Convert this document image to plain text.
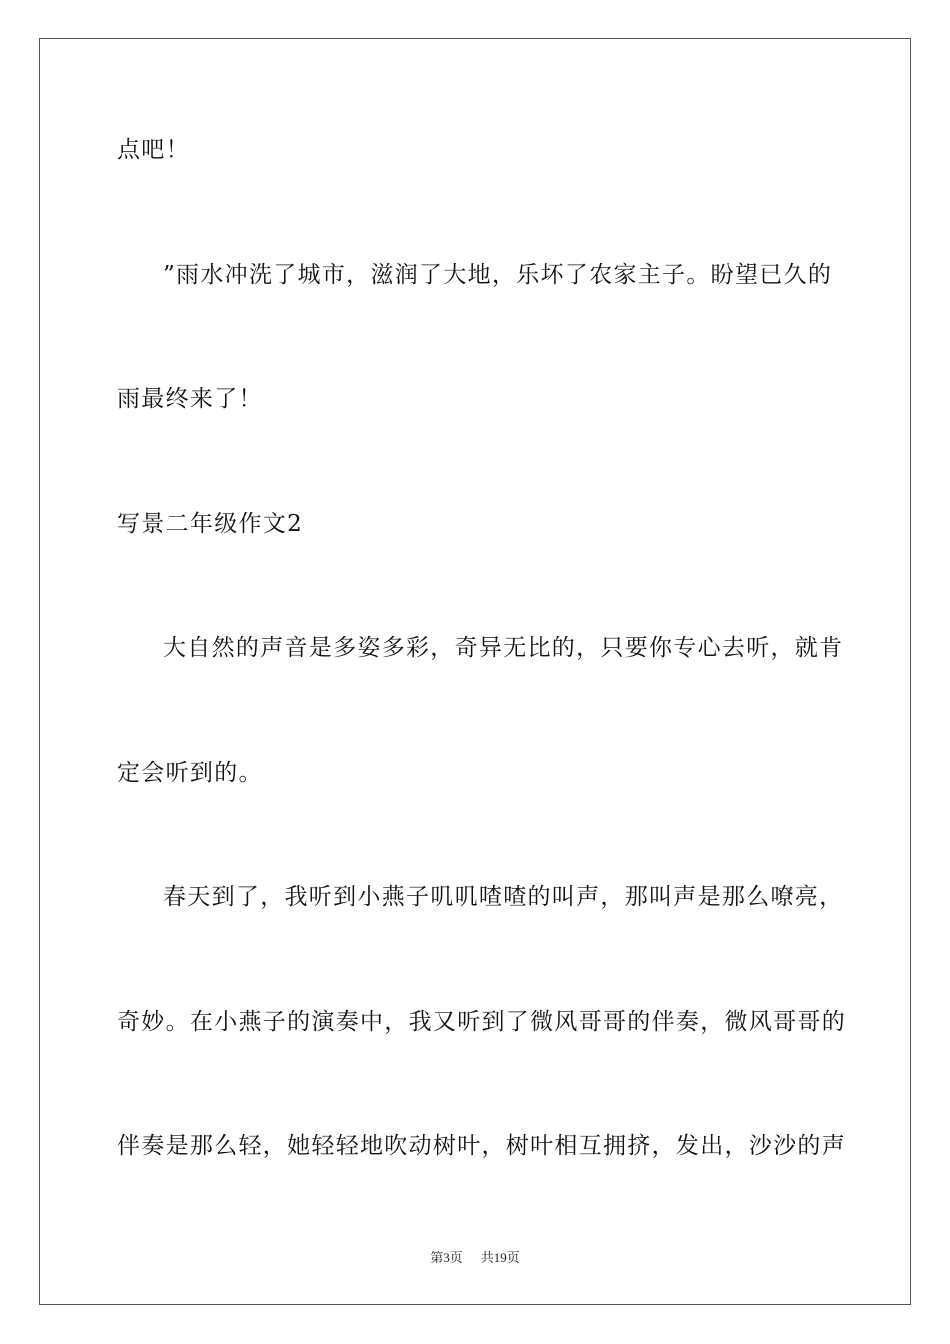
点吧！
”雨水冲洗了城市，滋润了大地，乐坏了农家主子。盼望已久的
雨最终来了！
写景二年级作文2
大自然的声音是多姿多彩，奇异无比的，只要你专心去听，就肯
定会听到的。
春天到了，我听到小燕子叽叽喳喳的叫声，那叫声是那么嘹亮，
奇妙。在小燕子的演奏中，我又听到了微风哥哥的伴奏，微风哥哥的
伴奏是那么轻，她轻轻地吹动树叶，树叶相互拥挤，发出，沙沙的声
第3页 共19页
